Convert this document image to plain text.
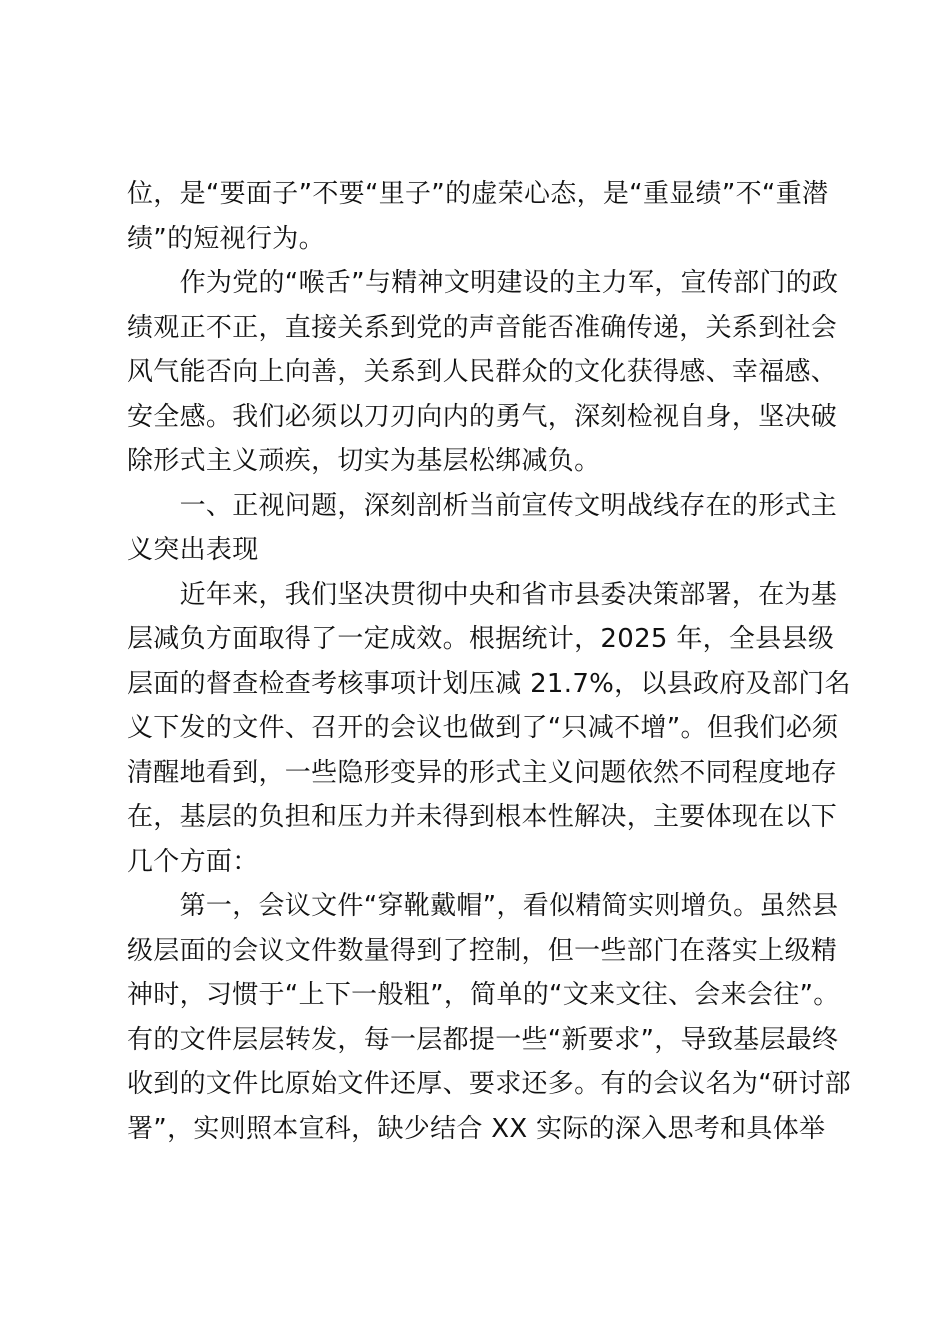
位，是“要面子”不要“里子”的虚荣心态，是“重显绩”不“重潜
绩”的短视行为。
　　作为党的“喉舌”与精神文明建设的主力军，宣传部门的政
绩观正不正，直接关系到党的声音能否准确传递，关系到社会
风气能否向上向善，关系到人民群众的文化获得感、幸福感、
安全感。我们必须以刀刃向内的勇气，深刻检视自身，坚决破
除形式主义顽疾，切实为基层松绑减负。
　　一、正视问题，深刻剖析当前宣传文明战线存在的形式主
义突出表现
　　近年来，我们坚决贯彻中央和省市县委决策部署，在为基
层减负方面取得了一定成效。根据统计，2025 年，全县县级
层面的督查检查考核事项计划压减 21.7%，以县政府及部门名
义下发的文件、召开的会议也做到了“只减不增”。但我们必须
清醒地看到，一些隐形变异的形式主义问题依然不同程度地存
在，基层的负担和压力并未得到根本性解决，主要体现在以下
几个方面：
　　第一，会议文件“穿靴戴帽”，看似精简实则增负。虽然县
级层面的会议文件数量得到了控制，但一些部门在落实上级精
神时，习惯于“上下一般粗”，简单的“文来文往、会来会往”。
有的文件层层转发，每一层都提一些“新要求”，导致基层最终
收到的文件比原始文件还厚、要求还多。有的会议名为“研讨部
署”，实则照本宣科，缺少结合 XX 实际的深入思考和具体举
